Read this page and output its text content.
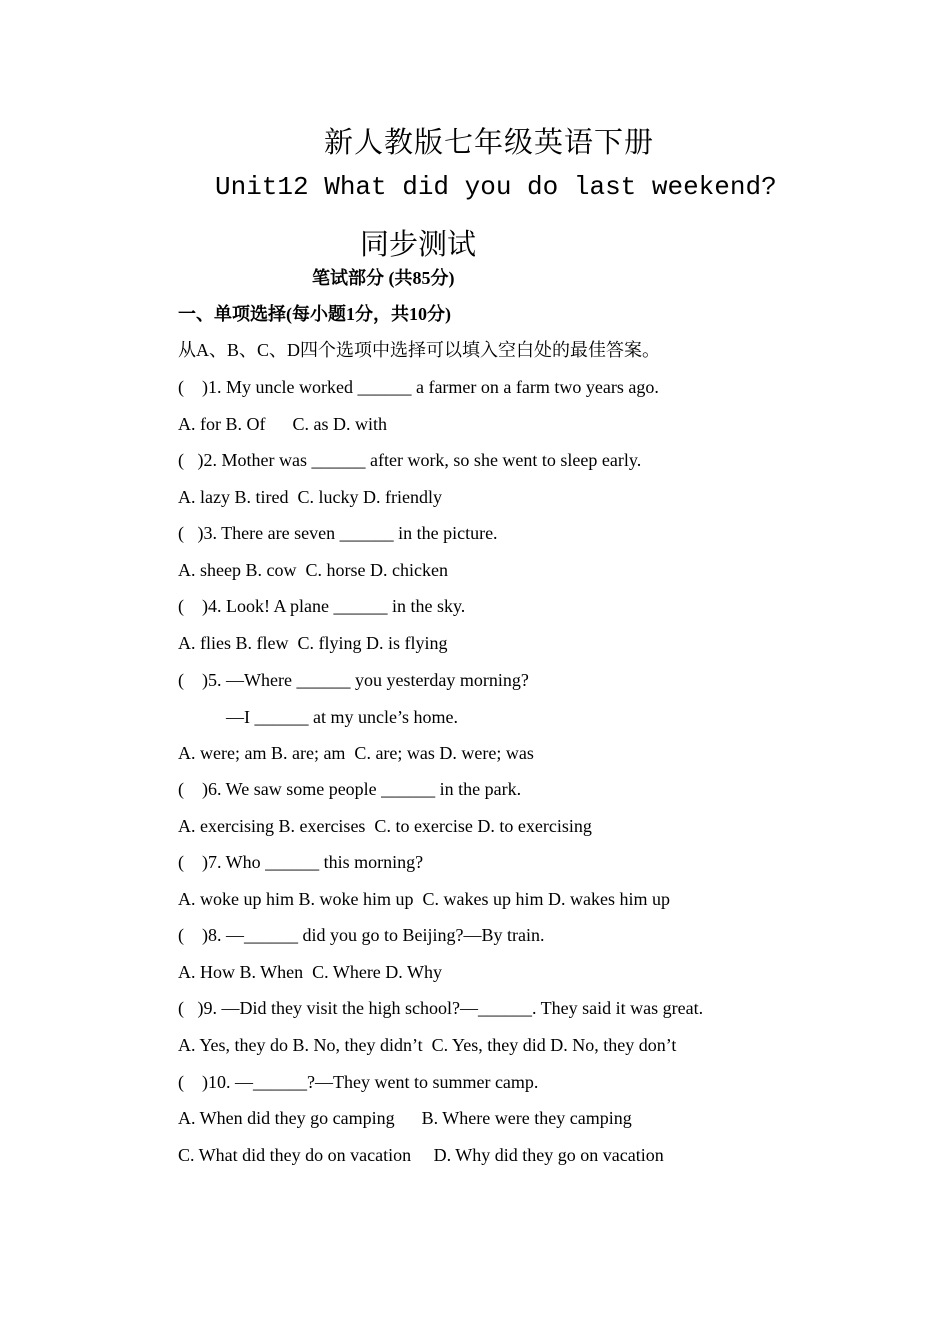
新人教版七年级英语下册
Unit12 What did you do last weekend?
同步测试
笔试部分 (共85分)
一、单项选择(每小题1分，共10分)
从A、B、C、D四个选项中选择可以填入空白处的最佳答案。
(    )1. My uncle worked ______ a farmer on a farm two years ago.
A. for B. Of      C. as D. with
(   )2. Mother was ______ after work, so she went to sleep early.
A. lazy B. tired  C. lucky D. friendly
(   )3. There are seven ______ in the picture.
A. sheep B. cow  C. horse D. chicken
(    )4. Look! A plane ______ in the sky.
A. flies B. flew  C. flying D. is flying
(    )5. —Where ______ you yesterday morning?
—I ______ at my uncle’s home.
A. were; am B. are; am  C. are; was D. were; was
(    )6. We saw some people ______ in the park.
A. exercising B. exercises  C. to exercise D. to exercising
(    )7. Who ______ this morning?
A. woke up him B. woke him up  C. wakes up him D. wakes him up
(    )8. —______ did you go to Beijing?—By train.
A. How B. When  C. Where D. Why
(   )9. —Did they visit the high school?—______. They said it was great.
A. Yes, they do B. No, they didn’t  C. Yes, they did D. No, they don’t
(    )10. —______?—They went to summer camp.
A. When did they go camping      B. Where were they camping
C. What did they do on vacation     D. Why did they go on vacation
